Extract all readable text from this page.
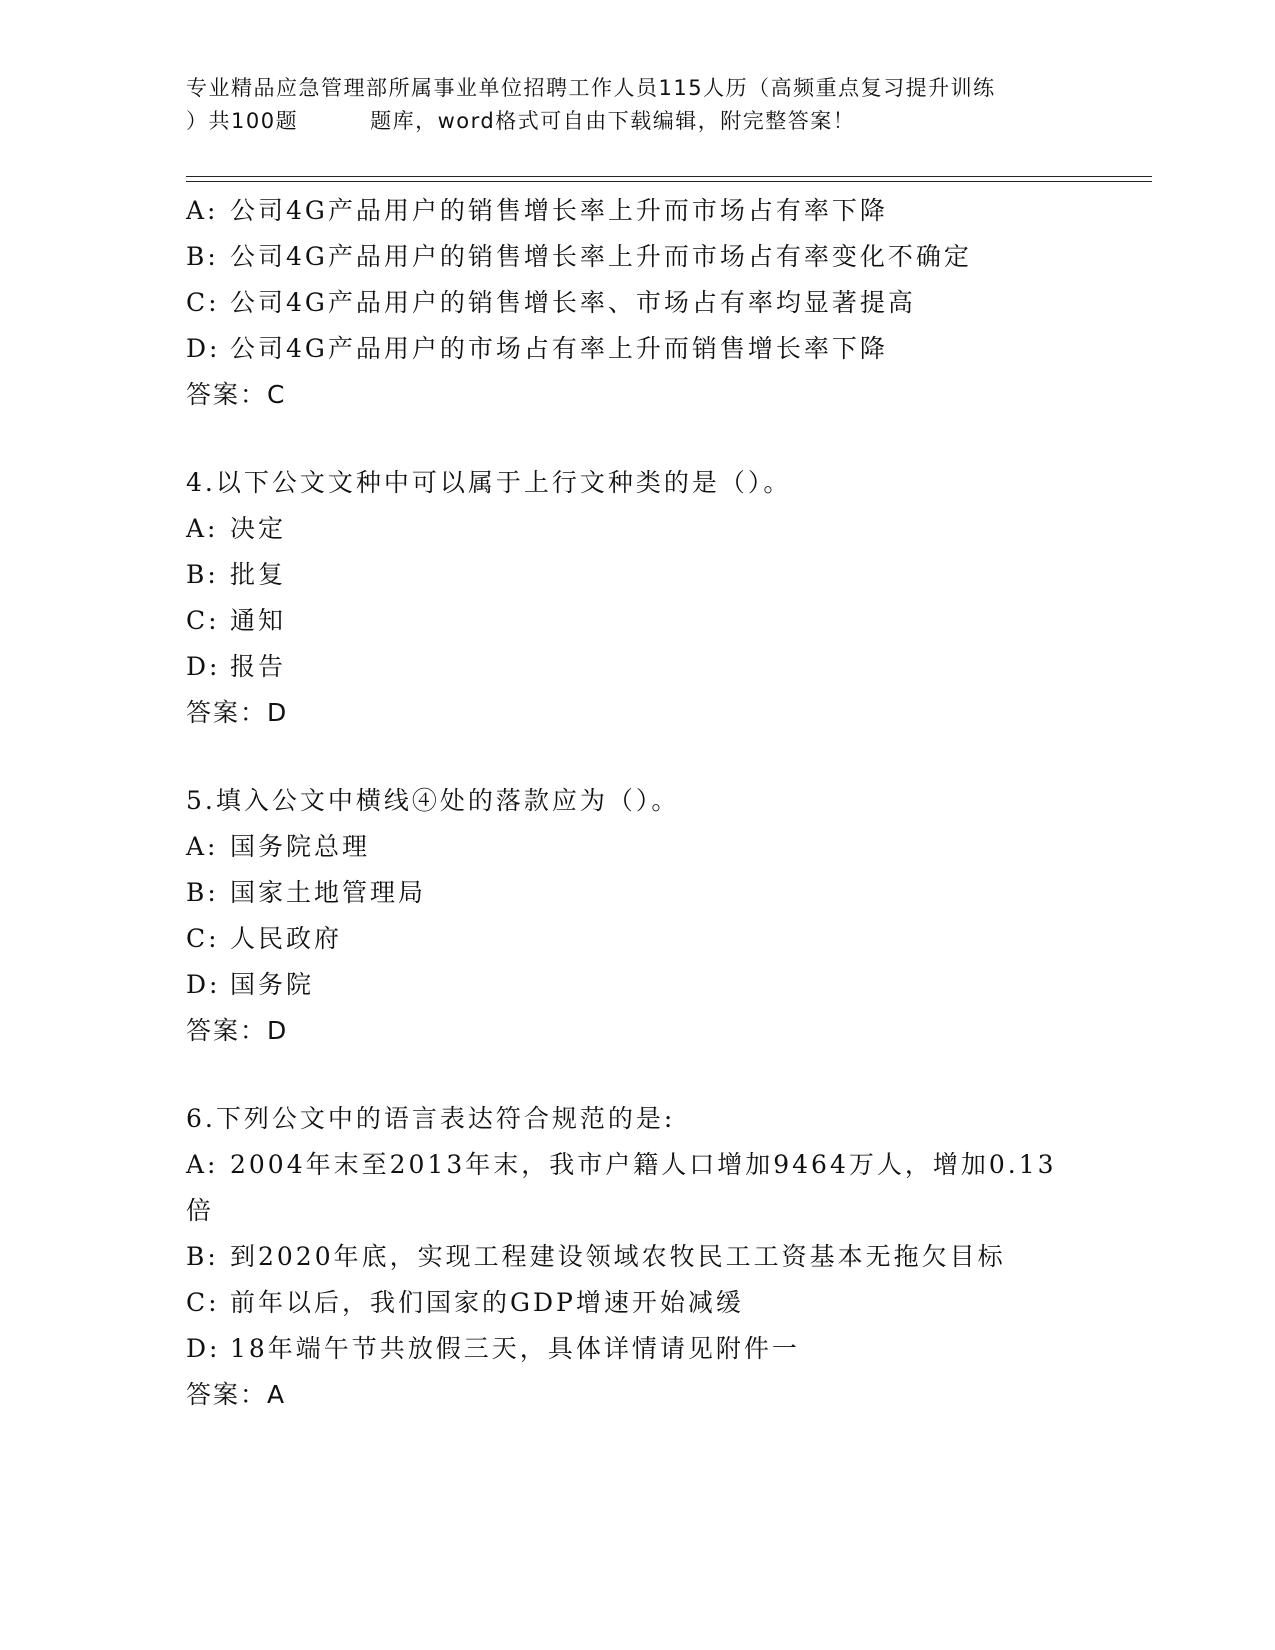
专业精品应急管理部所属事业单位招聘工作人员115人历（高频重点复习提升训练
）共100题	题库，word格式可自由下载编辑，附完整答案！
A: 公司4G产品用户的销售增长率上升而市场占有率下降
B: 公司4G产品用户的销售增长率上升而市场占有率变化不确定
C: 公司4G产品用户的销售增长率、市场占有率均显著提高
D: 公司4G产品用户的市场占有率上升而销售增长率下降
答案：C
4.以下公文文种中可以属于上行文种类的是（）。
A: 决定
B: 批复
C: 通知
D: 报告
答案：D
5.填入公文中横线④处的落款应为（）。
A: 国务院总理
B: 国家土地管理局
C: 人民政府
D: 国务院
答案：D
6.下列公文中的语言表达符合规范的是:
A: 2004年末至2013年末，我市户籍人口增加9464万人，增加0.13
倍
B: 到2020年底，实现工程建设领域农牧民工工资基本无拖欠目标
C: 前年以后，我们国家的GDP增速开始减缓
D: 18年端午节共放假三天，具体详情请见附件一
答案：A
